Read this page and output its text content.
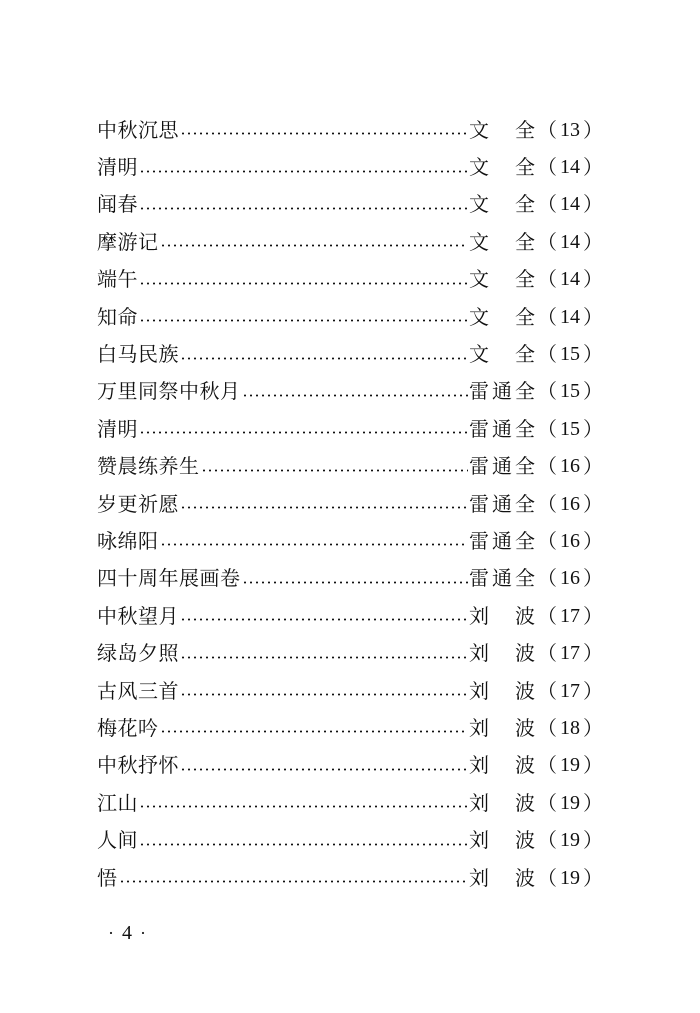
中秋沉思	文 全 （ 13 ）
清明	文 全 （ 14 ）
闻春	文 全 （ 14 ）
摩游记	文 全 （ 14 ）
端午	文 全 （ 14 ）
知命	文 全 （ 14 ）
白马民族	文 全 （ 15 ）
万里同祭中秋月	雷 通 全 （ 15 ）
清明	雷 通 全 （ 15 ）
赞晨练养生	雷 通 全 （ 16 ）
岁更祈愿	雷 通 全 （ 16 ）
咏绵阳	雷 通 全 （ 16 ）
四十周年展画卷	雷 通 全 （ 16 ）
中秋望月	刘 波 （ 17 ）
绿岛夕照	刘 波 （ 17 ）
古风三首	刘 波 （ 17 ）
梅花吟	刘 波 （ 18 ）
中秋抒怀	刘 波 （ 19 ）
江山	刘 波 （ 19 ）
人间	刘 波 （ 19 ）
悟	刘 波 （ 19 ）
· 4 ·
